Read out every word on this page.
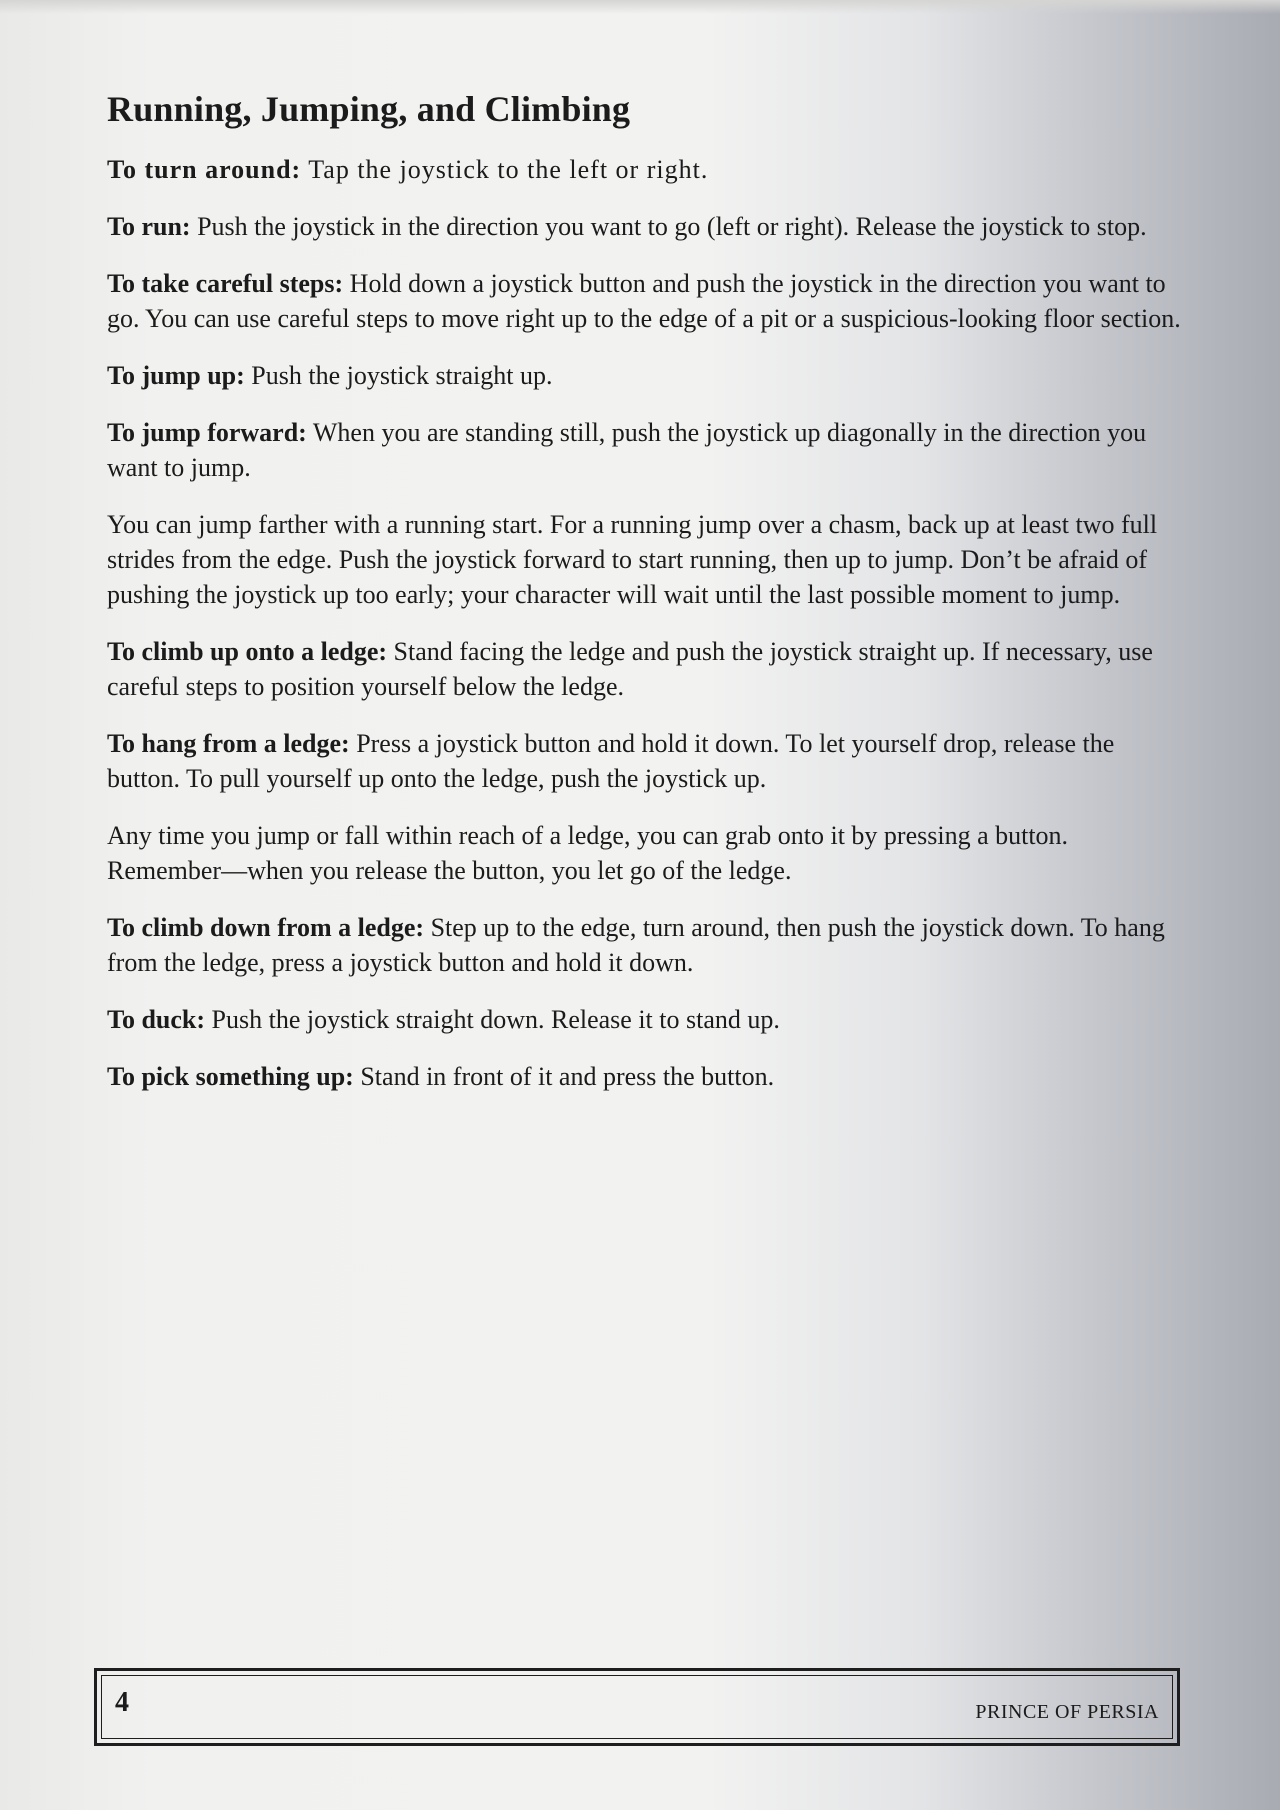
Running, Jumping, and Climbing

To turn around: Tap the joystick to the left or right.

To run: Push the joystick in the direction you want to go (left or right). Release the joystick to stop.

To take careful steps: Hold down a joystick button and push the joystick in the direction you want to go. You can use careful steps to move right up to the edge of a pit or a suspicious-looking floor section.

To jump up: Push the joystick straight up.

To jump forward: When you are standing still, push the joystick up diagonally in the direction you want to jump.

You can jump farther with a running start. For a running jump over a chasm, back up at least two full strides from the edge. Push the joystick forward to start running, then up to jump. Don’t be afraid of pushing the joystick up too early; your character will wait until the last possible moment to jump.

To climb up onto a ledge: Stand facing the ledge and push the joystick straight up. If necessary, use careful steps to position yourself below the ledge.

To hang from a ledge: Press a joystick button and hold it down. To let yourself drop, release the button. To pull yourself up onto the ledge, push the joystick up.

Any time you jump or fall within reach of a ledge, you can grab onto it by pressing a button. Remember—when you release the button, you let go of the ledge.

To climb down from a ledge: Step up to the edge, turn around, then push the joystick down. To hang from the ledge, press a joystick button and hold it down.

To duck: Push the joystick straight down. Release it to stand up.

To pick something up: Stand in front of it and press the button.

4	PRINCE OF PERSIA
